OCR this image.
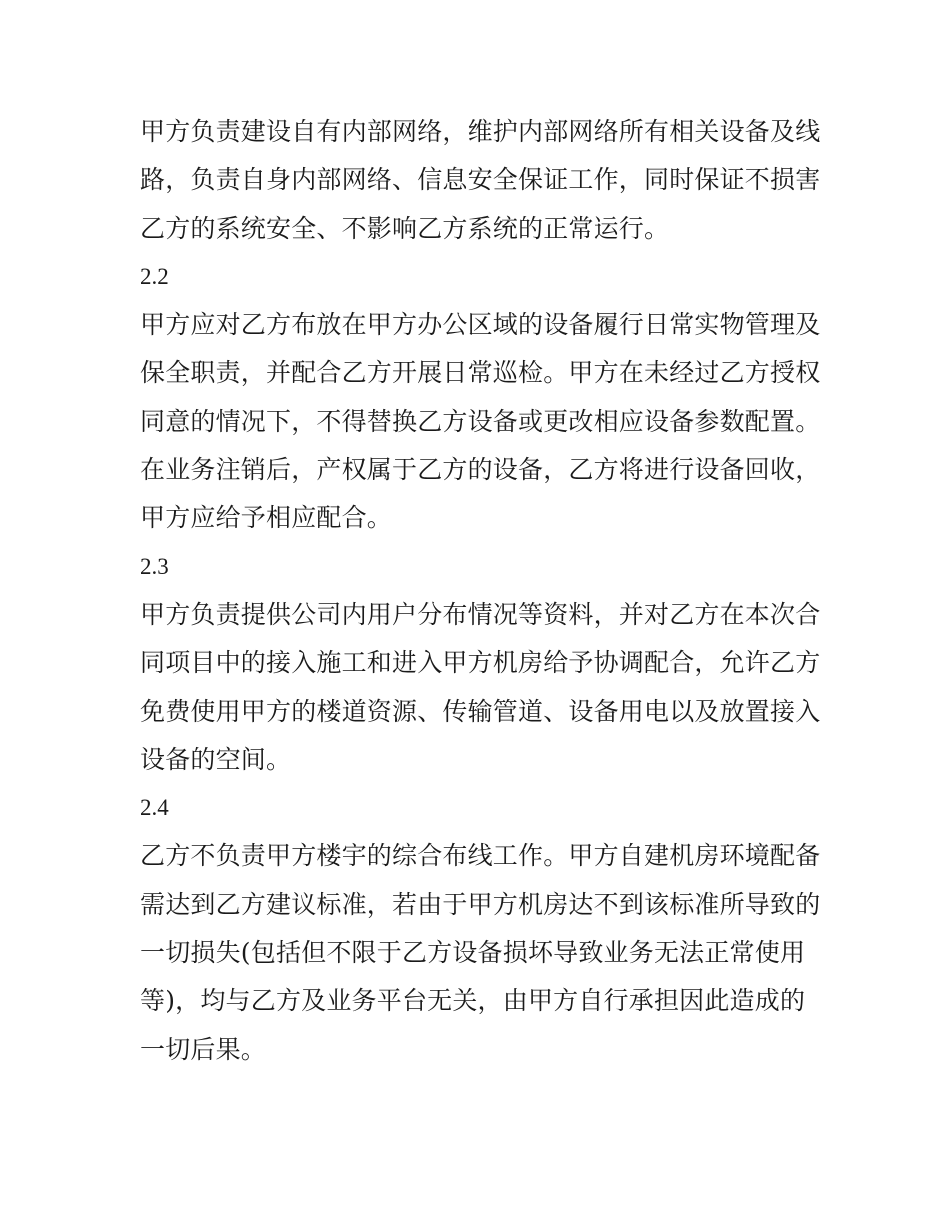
甲方负责建设自有内部网络，维护内部网络所有相关设备及线
路，负责自身内部网络、信息安全保证工作，同时保证不损害
乙方的系统安全、不影响乙方系统的正常运行。
2.2
甲方应对乙方布放在甲方办公区域的设备履行日常实物管理及
保全职责，并配合乙方开展日常巡检。甲方在未经过乙方授权
同意的情况下，不得替换乙方设备或更改相应设备参数配置。
在业务注销后，产权属于乙方的设备，乙方将进行设备回收，
甲方应给予相应配合。
2.3
甲方负责提供公司内用户分布情况等资料，并对乙方在本次合
同项目中的接入施工和进入甲方机房给予协调配合，允许乙方
免费使用甲方的楼道资源、传输管道、设备用电以及放置接入
设备的空间。
2.4
乙方不负责甲方楼宇的综合布线工作。甲方自建机房环境配备
需达到乙方建议标准，若由于甲方机房达不到该标准所导致的
一切损失(包括但不限于乙方设备损坏导致业务无法正常使用
等)，均与乙方及业务平台无关，由甲方自行承担因此造成的
一切后果。
